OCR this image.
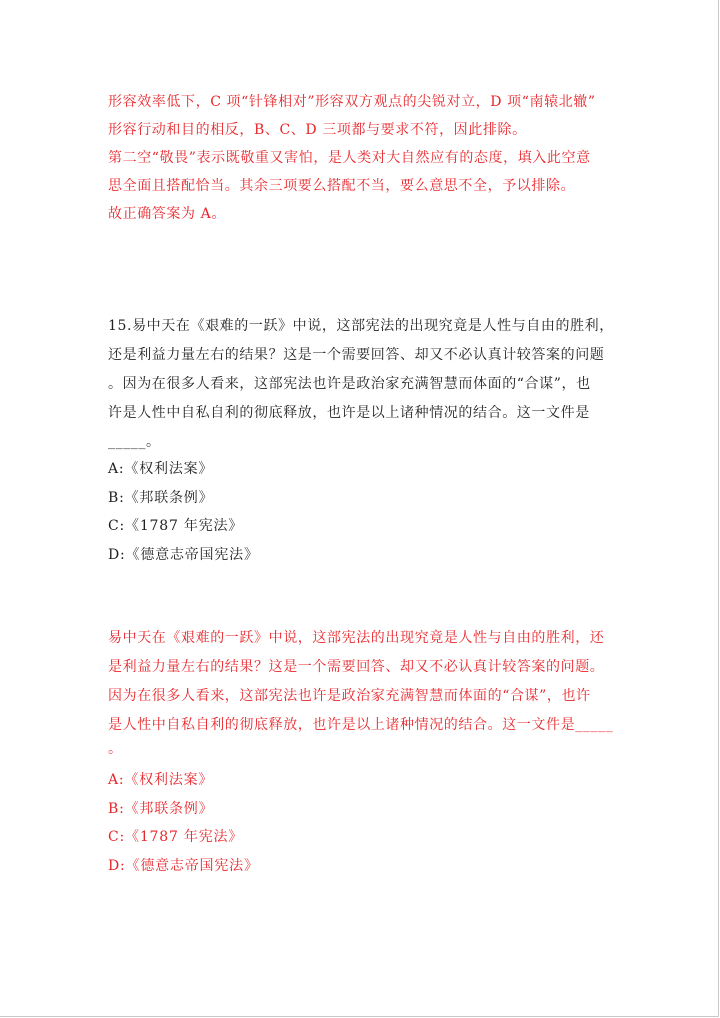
形容效率低下，C 项“针锋相对”形容双方观点的尖锐对立，D 项“南辕北辙”
形容行动和目的相反，B、C、D 三项都与要求不符，因此排除。
第二空“敬畏”表示既敬重又害怕，是人类对大自然应有的态度，填入此空意
思全面且搭配恰当。其余三项要么搭配不当，要么意思不全，予以排除。
故正确答案为 A。
15.易中天在《艰难的一跃》中说，这部宪法的出现究竟是人性与自由的胜利，
还是利益力量左右的结果？这是一个需要回答、却又不必认真计较答案的问题
。因为在很多人看来，这部宪法也许是政治家充满智慧而体面的“合谋”，也
许是人性中自私自利的彻底释放，也许是以上诸种情况的结合。这一文件是
_____。
A:《权利法案》
B:《邦联条例》
C:《1787 年宪法》
D:《德意志帝国宪法》
易中天在《艰难的一跃》中说，这部宪法的出现究竟是人性与自由的胜利，还
是利益力量左右的结果？这是一个需要回答、却又不必认真计较答案的问题。
因为在很多人看来，这部宪法也许是政治家充满智慧而体面的“合谋”，也许
是人性中自私自利的彻底释放，也许是以上诸种情况的结合。这一文件是_____
。
A:《权利法案》
B:《邦联条例》
C:《1787 年宪法》
D:《德意志帝国宪法》
